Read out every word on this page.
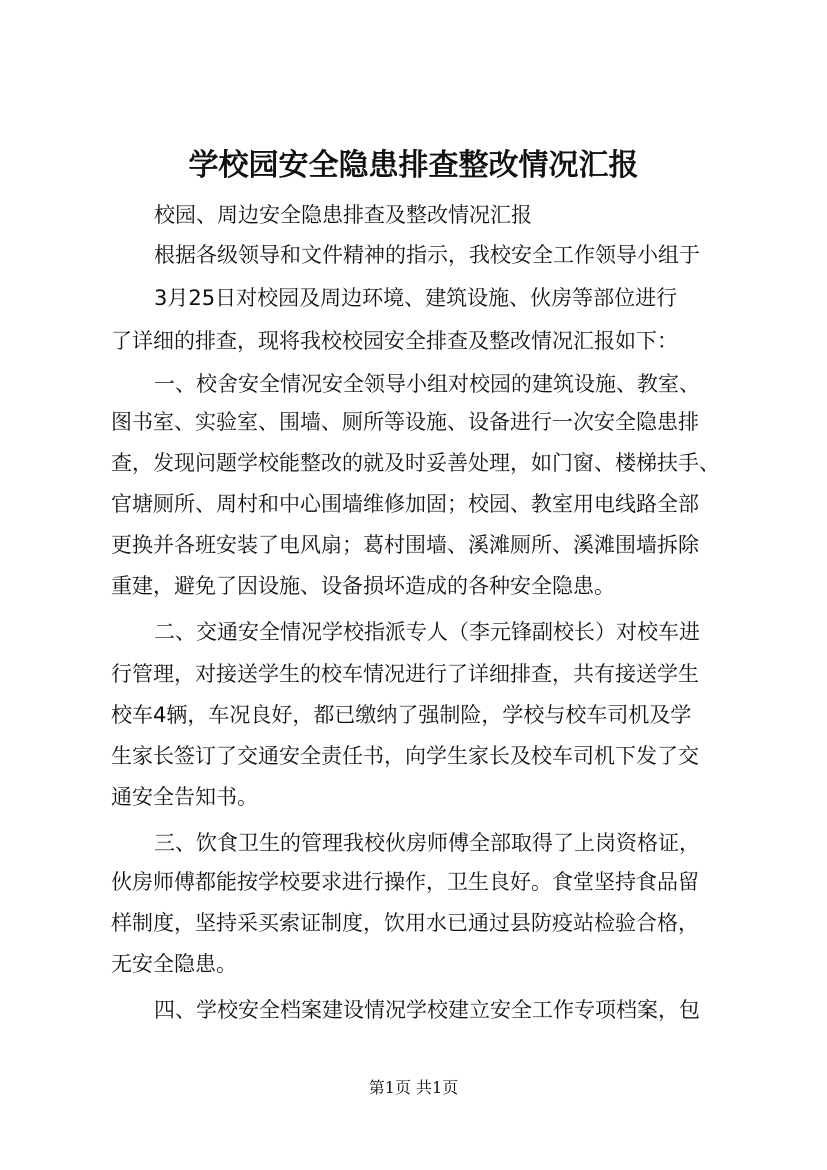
学校园安全隐患排查整改情况汇报
校园、周边安全隐患排查及整改情况汇报
根据各级领导和文件精神的指示，我校安全工作领导小组于
3月25日对校园及周边环境、建筑设施、伙房等部位进行
了详细的排查，现将我校校园安全排查及整改情况汇报如下：
一、校舍安全情况安全领导小组对校园的建筑设施、教室、
图书室、实验室、围墙、厕所等设施、设备进行一次安全隐患排
查，发现问题学校能整改的就及时妥善处理，如门窗、楼梯扶手、
官塘厕所、周村和中心围墙维修加固；校园、教室用电线路全部
更换并各班安装了电风扇；葛村围墙、溪滩厕所、溪滩围墙拆除
重建，避免了因设施、设备损坏造成的各种安全隐患。
二、交通安全情况学校指派专人（李元锋副校长）对校车进
行管理，对接送学生的校车情况进行了详细排查，共有接送学生
校车4辆，车况良好，都已缴纳了强制险，学校与校车司机及学
生家长签订了交通安全责任书，向学生家长及校车司机下发了交
通安全告知书。
三、饮食卫生的管理我校伙房师傅全部取得了上岗资格证，
伙房师傅都能按学校要求进行操作，卫生良好。食堂坚持食品留
样制度，坚持采买索证制度，饮用水已通过县防疫站检验合格，
无安全隐患。
四、学校安全档案建设情况学校建立安全工作专项档案，包
第1页 共1页
